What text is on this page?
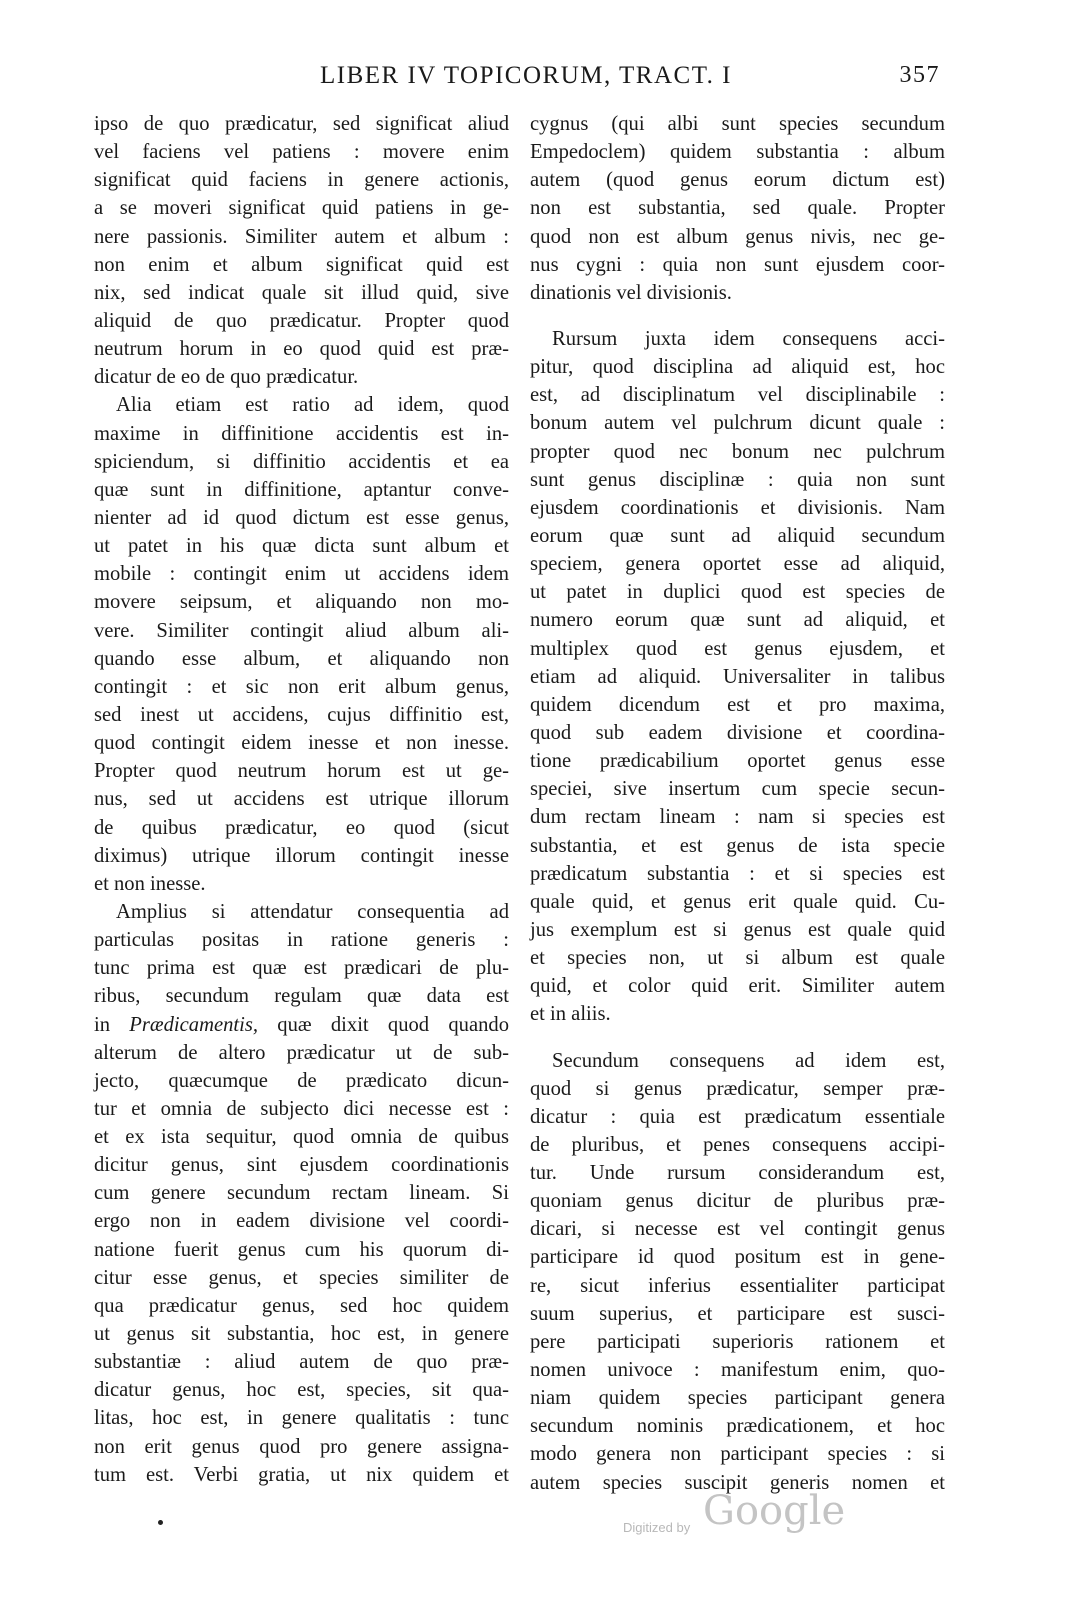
LIBER IV TOPICORUM, TRACT. I	357
ipso de quo prædicatur, sed significat aliud
vel faciens vel patiens : movere enim
significat quid faciens in genere actionis,
a se moveri significat quid patiens in ge-
nere passionis. Similiter autem et album :
non enim et album significat quid est
nix, sed indicat quale sit illud quid, sive
aliquid de quo prædicatur. Propter quod
neutrum horum in eo quod quid est præ-
dicatur de eo de quo prædicatur.
Alia etiam est ratio ad idem, quod
maxime in diffinitione accidentis est in-
spiciendum, si diffinitio accidentis et ea
quæ sunt in diffinitione, aptantur conve-
nienter ad id quod dictum est esse genus,
ut patet in his quæ dicta sunt album et
mobile : contingit enim ut accidens idem
movere seipsum, et aliquando non mo-
vere. Similiter contingit aliud album ali-
quando esse album, et aliquando non
contingit : et sic non erit album genus,
sed inest ut accidens, cujus diffinitio est,
quod contingit eidem inesse et non inesse.
Propter quod neutrum horum est ut ge-
nus, sed ut accidens est utrique illorum
de quibus prædicatur, eo quod (sicut
diximus) utrique illorum contingit inesse
et non inesse.
Amplius si attendatur consequentia ad
particulas positas in ratione generis :
tunc prima est quæ est prædicari de plu-
ribus, secundum regulam quæ data est
in Prædicamentis, quæ dixit quod quando
alterum de altero prædicatur ut de sub-
jecto, quæcumque de prædicato dicun-
tur et omnia de subjecto dici necesse est :
et ex ista sequitur, quod omnia de quibus
dicitur genus, sint ejusdem coordinationis
cum genere secundum rectam lineam. Si
ergo non in eadem divisione vel coordi-
natione fuerit genus cum his quorum di-
citur esse genus, et species similiter de
qua prædicatur genus, sed hoc quidem
ut genus sit substantia, hoc est, in genere
substantiæ : aliud autem de quo præ-
dicatur genus, hoc est, species, sit qua-
litas, hoc est, in genere qualitatis : tunc
non erit genus quod pro genere assigna-
tum est. Verbi gratia, ut nix quidem et
cygnus (qui albi sunt species secundum
Empedoclem) quidem substantia : album
autem (quod genus eorum dictum est)
non est substantia, sed quale. Propter
quod non est album genus nivis, nec ge-
nus cygni : quia non sunt ejusdem coor-
dinationis vel divisionis.
Rursum juxta idem consequens acci-
pitur, quod disciplina ad aliquid est, hoc
est, ad disciplinatum vel disciplinabile :
bonum autem vel pulchrum dicunt quale :
propter quod nec bonum nec pulchrum
sunt genus disciplinæ : quia non sunt
ejusdem coordinationis et divisionis. Nam
eorum quæ sunt ad aliquid secundum
speciem, genera oportet esse ad aliquid,
ut patet in duplici quod est species de
numero eorum quæ sunt ad aliquid, et
multiplex quod est genus ejusdem, et
etiam ad aliquid. Universaliter in talibus
quidem dicendum est et pro maxima,
quod sub eadem divisione et coordina-
tione prædicabilium oportet genus esse
speciei, sive insertum cum specie secun-
dum rectam lineam : nam si species est
substantia, et est genus de ista specie
prædicatum substantia : et si species est
quale quid, et genus erit quale quid. Cu-
jus exemplum est si genus est quale quid
et species non, ut si album est quale
quid, et color quid erit. Similiter autem
et in aliis.
Secundum consequens ad idem est,
quod si genus prædicatur, semper præ-
dicatur : quia est prædicatum essentiale
de pluribus, et penes consequens accipi-
tur. Unde rursum considerandum est,
quoniam genus dicitur de pluribus præ-
dicari, si necesse est vel contingit genus
participare id quod positum est in gene-
re, sicut inferius essentialiter participat
suum superius, et participare est susci-
pere participati superioris rationem et
nomen univoce : manifestum enim, quo-
niam quidem species participant genera
secundum nominis prædicationem, et hoc
modo genera non participant species : si
autem species suscipit generis nomen et
Digitized by Google
